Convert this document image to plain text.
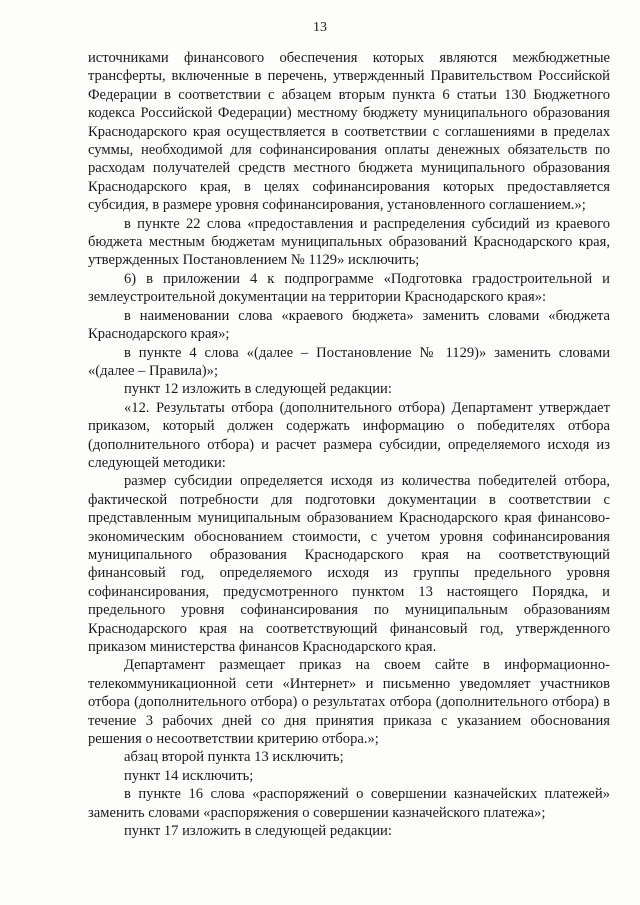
13

источниками финансового обеспечения которых являются межбюджетные трансферты, включенные в перечень, утвержденный Правительством Российской Федерации в соответствии с абзацем вторым пункта 6 статьи 130 Бюджетного кодекса Российской Федерации) местному бюджету муниципального образования Краснодарского края осуществляется в соответствии с соглашениями в пределах суммы, необходимой для софинансирования оплаты денежных обязательств по расходам получателей средств местного бюджета муниципального образования Краснодарского края, в целях софинансирования которых предоставляется субсидия, в размере уровня софинансирования, установленного соглашением.»;

в пункте 22 слова «предоставления и распределения субсидий из краевого бюджета местным бюджетам муниципальных образований Краснодарского края, утвержденных Постановлением № 1129» исключить;

6) в приложении 4 к подпрограмме «Подготовка градостроительной и землеустроительной документации на территории Краснодарского края»:

в наименовании слова «краевого бюджета» заменить словами «бюджета Краснодарского края»;

в пункте 4 слова «(далее – Постановление № 1129)» заменить словами «(далее – Правила)»;

пункт 12 изложить в следующей редакции:

«12. Результаты отбора (дополнительного отбора) Департамент утверждает приказом, который должен содержать информацию о победителях отбора (дополнительного отбора) и расчет размера субсидии, определяемого исходя из следующей методики:

размер субсидии определяется исходя из количества победителей отбора, фактической потребности для подготовки документации в соответствии с представленным муниципальным образованием Краснодарского края финансово-экономическим обоснованием стоимости, с учетом уровня софинансирования муниципального образования Краснодарского края на соответствующий финансовый год, определяемого исходя из группы предельного уровня софинансирования, предусмотренного пунктом 13 настоящего Порядка, и предельного уровня софинансирования по муниципальным образованиям Краснодарского края на соответствующий финансовый год, утвержденного приказом министерства финансов Краснодарского края.

Департамент размещает приказ на своем сайте в информационно-телекоммуникационной сети «Интернет» и письменно уведомляет участников отбора (дополнительного отбора) о результатах отбора (дополнительного отбора) в течение 3 рабочих дней со дня принятия приказа с указанием обоснования решения о несоответствии критерию отбора.»;

абзац второй пункта 13 исключить;

пункт 14 исключить;

в пункте 16 слова «распоряжений о совершении казначейских платежей» заменить словами «распоряжения о совершении казначейского платежа»;

пункт 17 изложить в следующей редакции:
